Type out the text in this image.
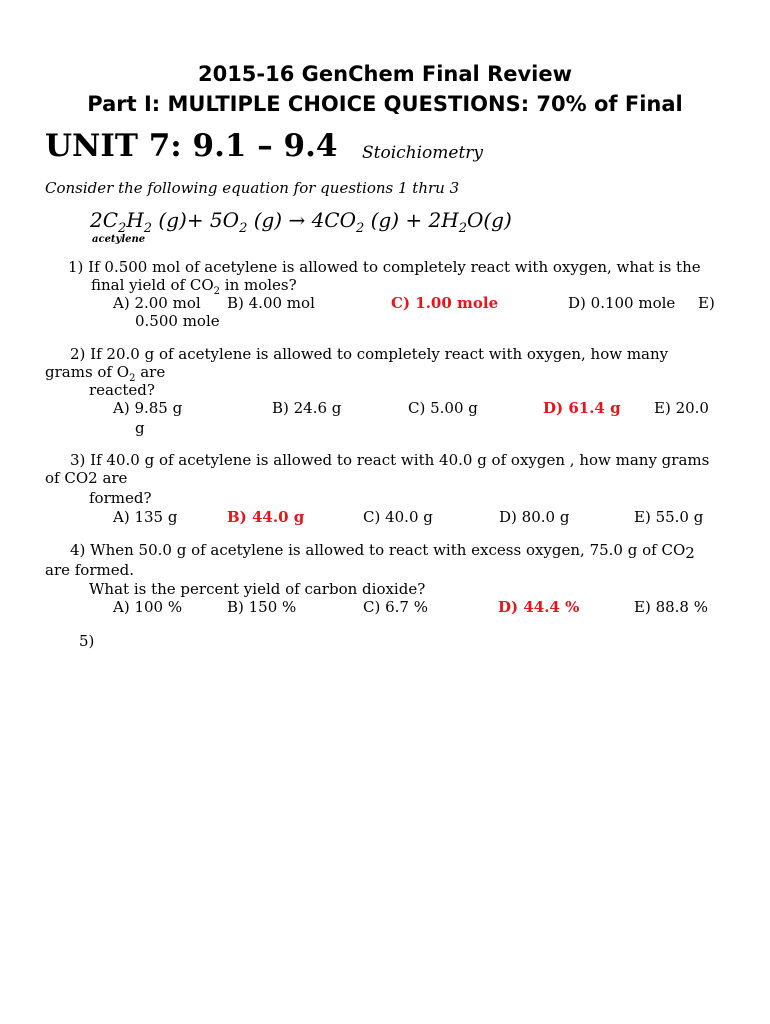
2015-16 GenChem Final Review
Part I: MULTIPLE CHOICE QUESTIONS: 70% of Final
UNIT 7: 9.1 – 9.4 Stoichiometry
Consider the following equation for questions 1 thru 3
$2C_2H_2$ $(g)+ 5O_2$ $(g) \to 4CO_2$ $(g) + 2H_2O(g)$
acetylene
1) If 0.500 mol of acetylene is allowed to completely react with oxygen, what is the
final yield of $CO_2$ in moles?
A) 2.00 mol B) 4.00 mol	C) 1.00 mole	D) 0.100 mole E)
0.500 mole
2) If 20.0 g of acetylene is allowed to completely react with oxygen, how many
grams of $O_2$ are
reacted?
A) 9.85 g	B) 24.6 g	C) 5.00 g	D) 61.4 g E) 20.0
g
3) If 40.0 g of acetylene is allowed to react with 40.0 g of oxygen , how many grams
of CO2 are
formed?
A) 135 g	B) 44.0 g	C) 40.0 g	D) 80.0 g	E) 55.0 g
4) When 50.0 g of acetylene is allowed to react with excess oxygen, 75.0 g of CO2
are formed.
What is the percent yield of carbon dioxide?
A) 100 %	B) 150 %	C) 6.7 %	D) 44.4 %	E) 88.8 %
5)
